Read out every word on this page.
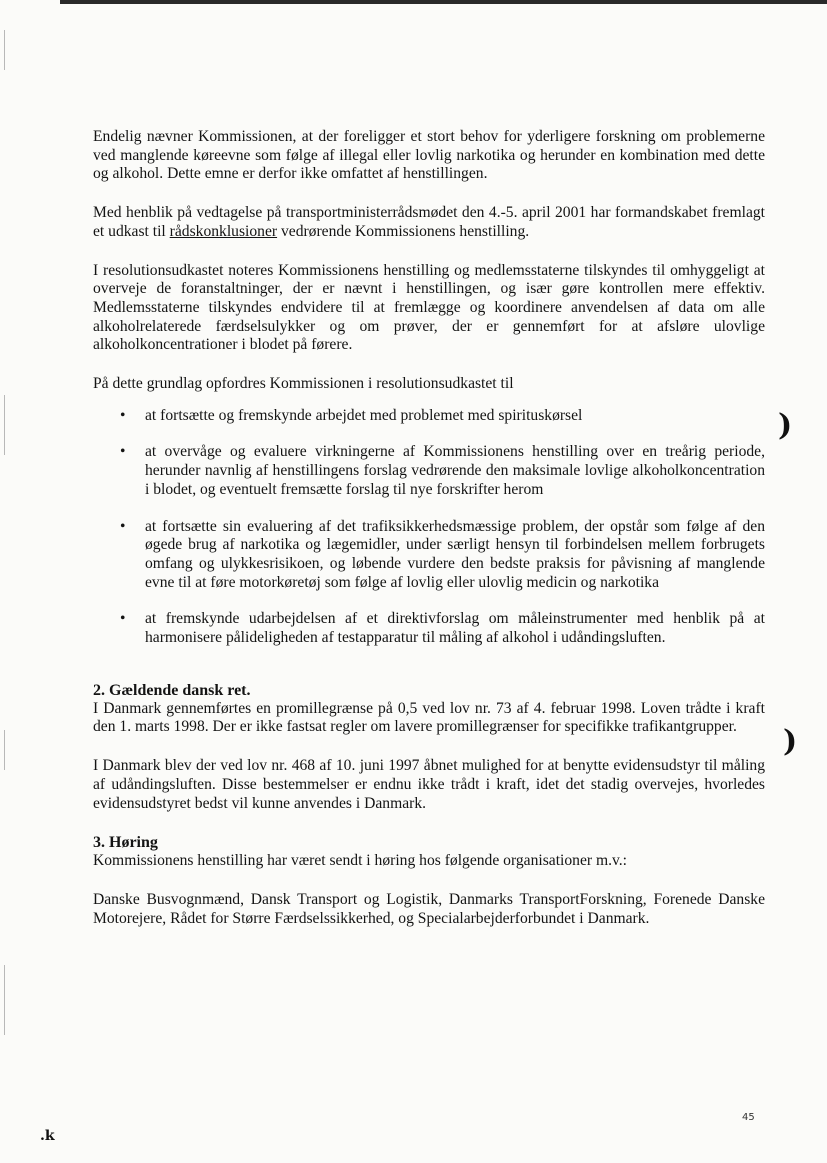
)
)
.k

Endelig nævner Kommissionen, at der foreligger et stort behov for yderligere forskning om problemerne ved manglende køreevne som følge af illegal eller lovlig narkotika og herunder en kombination med dette og alkohol. Dette emne er derfor ikke omfattet af henstillingen.

Med henblik på vedtagelse på transportministerrådsmødet den 4.-5. april 2001 har formandskabet fremlagt et udkast til rådskonklusioner vedrørende Kommissionens henstilling.

I resolutionsudkastet noteres Kommissionens henstilling og medlemsstaterne tilskyndes til omhyggeligt at overveje de foranstaltninger, der er nævnt i henstillingen, og især gøre kontrollen mere effektiv. Medlemsstaterne tilskyndes endvidere til at fremlægge og koordinere anvendelsen af data om alle alkoholrelaterede færdselsulykker og om prøver, der er gennemført for at afsløre ulovlige alkoholkoncentrationer i blodet på førere.

På dette grundlag opfordres Kommissionen i resolutionsudkastet til

• at fortsætte og fremskynde arbejdet med problemet med spirituskørsel
• at overvåge og evaluere virkningerne af Kommissionens henstilling over en treårig periode, herunder navnlig af henstillingens forslag vedrørende den maksimale lovlige alkoholkoncentration i blodet, og eventuelt fremsætte forslag til nye forskrifter herom
• at fortsætte sin evaluering af det trafiksikkerhedsmæssige problem, der opstår som følge af den øgede brug af narkotika og lægemidler, under særligt hensyn til forbindelsen mellem forbrugets omfang og ulykkesrisikoen, og løbende vurdere den bedste praksis for påvisning af manglende evne til at føre motorkøretøj som følge af lovlig eller ulovlig medicin og narkotika
• at fremskynde udarbejdelsen af et direktivforslag om måleinstrumenter med henblik på at harmonisere pålideligheden af testapparatur til måling af alkohol i udåndingsluften.
2. Gældende dansk ret.

I Danmark gennemførtes en promillegrænse på 0,5 ved lov nr. 73 af 4. februar 1998. Loven trådte i kraft den 1. marts 1998. Der er ikke fastsat regler om lavere promillegrænser for specifikke trafikantgrupper.

I Danmark blev der ved lov nr. 468 af 10. juni 1997 åbnet mulighed for at benytte evidensudstyr til måling af udåndingsluften. Disse bestemmelser er endnu ikke trådt i kraft, idet det stadig overvejes, hvorledes evidensudstyret bedst vil kunne anvendes i Danmark.

3. Høring

Kommissionens henstilling har været sendt i høring hos følgende organisationer m.v.:

Danske Busvognmænd, Dansk Transport og Logistik, Danmarks TransportForskning, Forenede Danske Motorejere, Rådet for Større Færdselssikkerhed, og Specialarbejderforbundet i Danmark.

45
